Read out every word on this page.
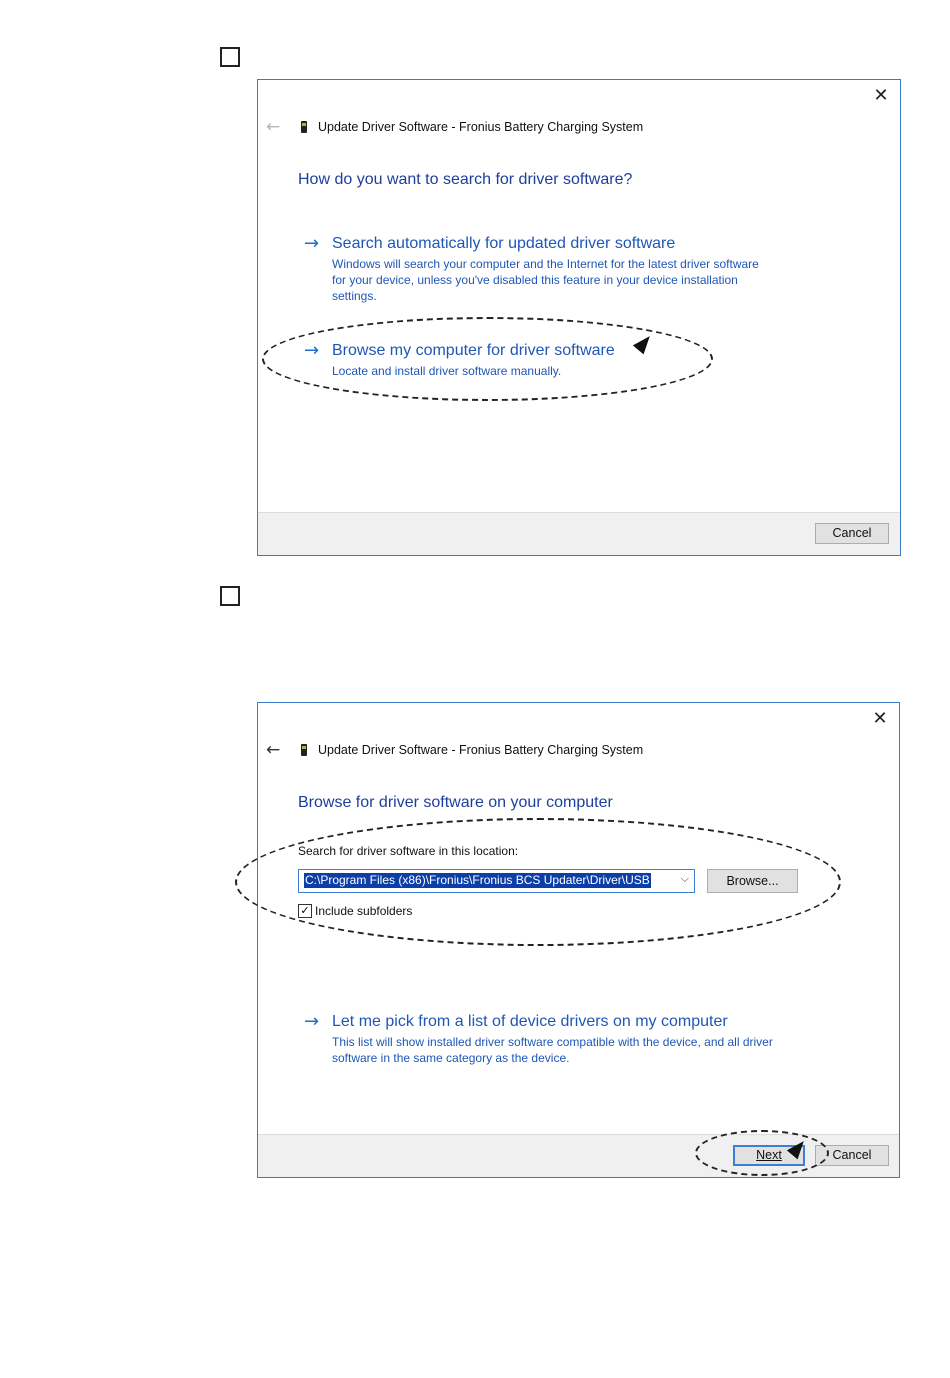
✕
←	Update Driver Software - Fronius Battery Charging System
How do you want to search for driver software?
→ Search automatically for updated driver software
Windows will search your computer and the Internet for the latest driver software
for your device, unless you've disabled this feature in your device installation
settings.
→ Browse my computer for driver software
Locate and install driver software manually.
Cancel
✕
←	Update Driver Software - Fronius Battery Charging System
Browse for driver software on your computer
Search for driver software in this location:
C:\Program Files (x86)\Fronius\Fronius BCS Updater\Driver\USB	⌵	Browse...
✓ Include subfolders
→ Let me pick from a list of device drivers on my computer
This list will show installed driver software compatible with the device, and all driver
software in the same category as the device.
Next	Cancel
